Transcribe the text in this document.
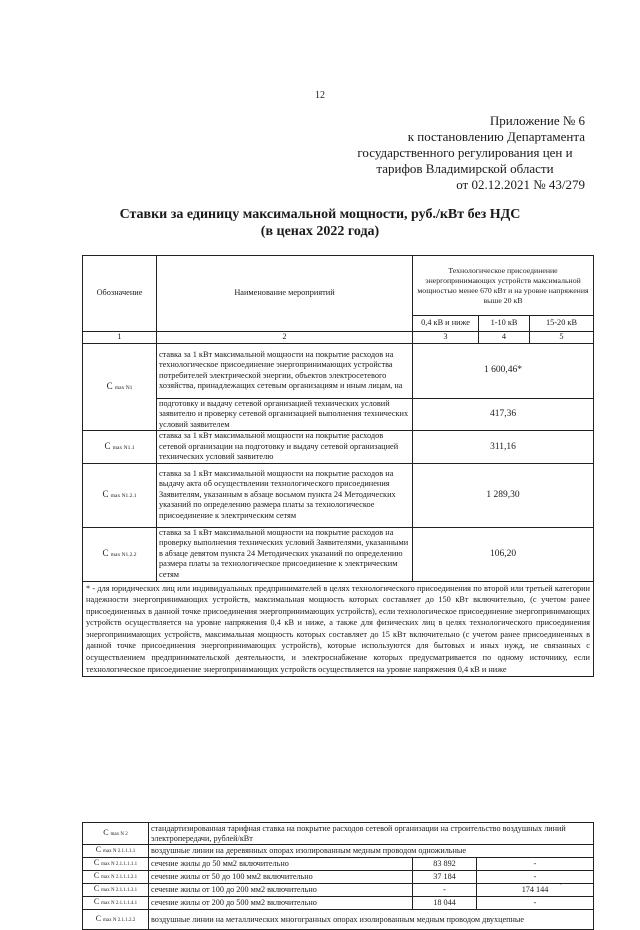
12
Приложение № 6
к постановлению Департамента
государственного регулирования цен и
тарифов Владимирской области
от 02.12.2021 № 43/279
Ставки за единицу максимальной мощности, руб./кВт без НДС
(в ценах 2022 года)
Обозначение	Наименование мероприятий	Технологическое присоединение энергопринимающих устройств максимальной мощностью менее 670 кВт и на уровне напряжения выше 20 кВ		
		0,4 кВ и ниже	1-10 кВ	15-20 кВ
1	2	3	4	5
С max N1	ставка за 1 кВт максимальной мощности на покрытие расходов на технологическое присоединение энергопринимающих устройства потребителей электрической энергии, объектов электросетевого хозяйства, принадлежащих сетевым организациям и иным лицам, на	1 600,46*		
	подготовку и выдачу сетевой организацией технических условий заявителю и проверку сетевой организацией выполнения технических условий заявителем	417,36		
С max N1.1	ставка за 1 кВт максимальной мощности на покрытие расходов сетевой организации на подготовку и выдачу сетевой организацией технических условий заявителю	311,16		
С max N1.2.1	ставка за 1 кВт максимальной мощности на покрытие расходов на выдачу акта об осуществлении технологического присоединения Заявителям, указанным в абзаце восьмом пункта 24 Методических указаний по определению размера платы за технологическое присоединение к электрическим сетям	1 289,30		
С max N1.2.2	ставка за 1 кВт максимальной мощности на покрытие расходов на проверку выполнения технических условий Заявителями, указанными в абзаце девятом пункта 24 Методических указаний по определению размера платы за технологическое присоединение к электрическим сетям	106,20		
* - для юридических лиц или индивидуальных предпринимателей в целях технологического присоединения по второй или третьей категории надежности энергопринимающих устройств, максимальная мощность которых составляет до 150 кВт включительно, (с учетом ранее присоединенных в данной точке присоединения энергопринимающих устройств), если технологическое присоединение энергопринимающих устройств осуществляется на уровне напряжения 0,4 кВ и ниже, а также для физических лиц в целях технологического присоединения энергопринимающих устройств, максимальная мощность которых составляет до 15 кВт включительно (с учетом ранее присоединенных в данной точке присоединения энергопринимающих устройств), которые используются для бытовых и иных нужд, не связанных с осуществлением предпринимательской деятельности, и электроснабжение которых предусматривается по одному источнику, если технологическое присоединение энергопринимающих устройств осуществляется на уровне напряжения 0,4 кВ и ниже				
С max N 2	стандартизированная тарифная ставка на покрытие расходов сетевой организации на строительство воздушных линий электропередачи, рублей/кВт		
С max N 2.1.1.1.1	воздушные линии на деревянных опорах изолированным медным проводом одножильные		
С max N 2.1.1.1.1.1	сечение жилы до 50 мм2 включительно	83 892	-
С max N 2.1.1.1.2.1	сечение жилы от 50 до 100 мм2 включительно	37 184	-
С max N 2.1.1.1.3.1	сечение жилы от 100 до 200 мм2 включительно	-	174 144
С max N 2.1.1.1.4.1	сечение жилы от 200 до 500 мм2 включительно	18 044	-
С max N 2.1.1.2.2	воздушные линии на металлических многогранных опорах изолированным медным проводом двухцепные		
.
